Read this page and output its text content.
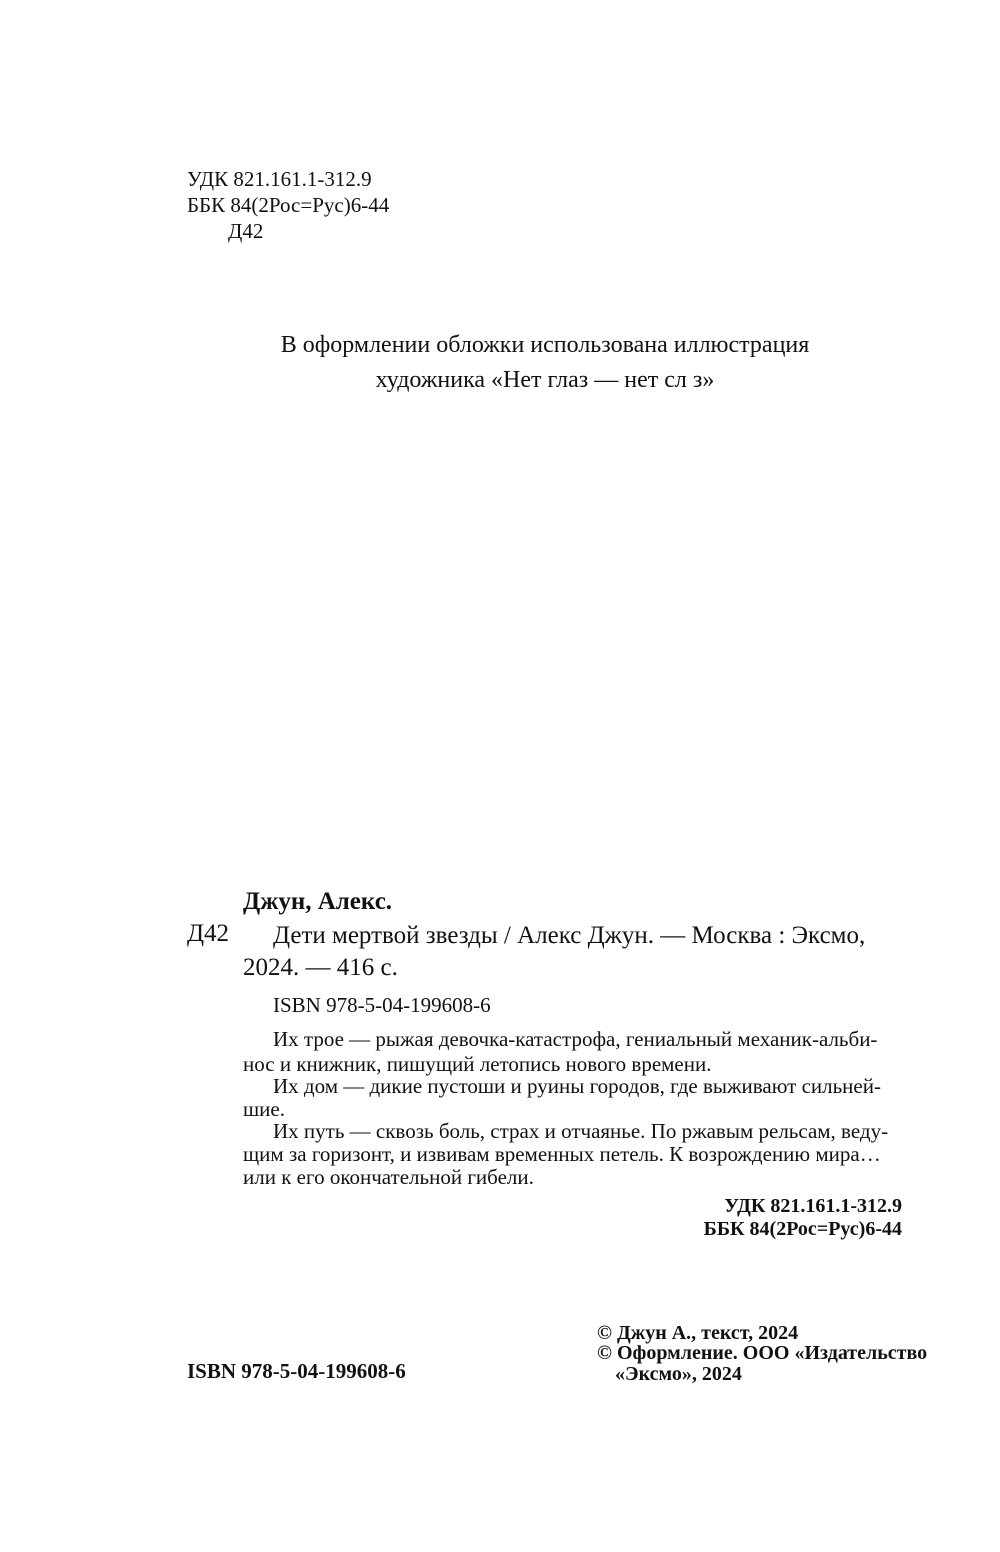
УДК 821.161.1-312.9
ББК 84(2Рос=Рус)6-44
Д42
В оформлении обложки использована иллюстрация
художника «Нет глаз — нет сл з»
Джун, Алекс.
Д42 Дети мертвой звезды / Алекс Джун. — Москва : Эксмо,
2024. — 416 с.
ISBN 978-5-04-199608-6
Их трое — рыжая девочка-катастрофа, гениальный механик-альби-
нос и книжник, пишущий летопись нового времени.
Их дом — дикие пустоши и руины городов, где выживают сильней-
шие.
Их путь — сквозь боль, страх и отчаянье. По ржавым рельсам, веду-
щим за горизонт, и извивам временных петель. К возрождению мира…
или к его окончательной гибели.
УДК 821.161.1-312.9
ББК 84(2Рос=Рус)6-44
ISBN 978-5-04-199608-6
© Джун А., текст, 2024
© Оформление. ООО «Издательство
«Эксмо», 2024
